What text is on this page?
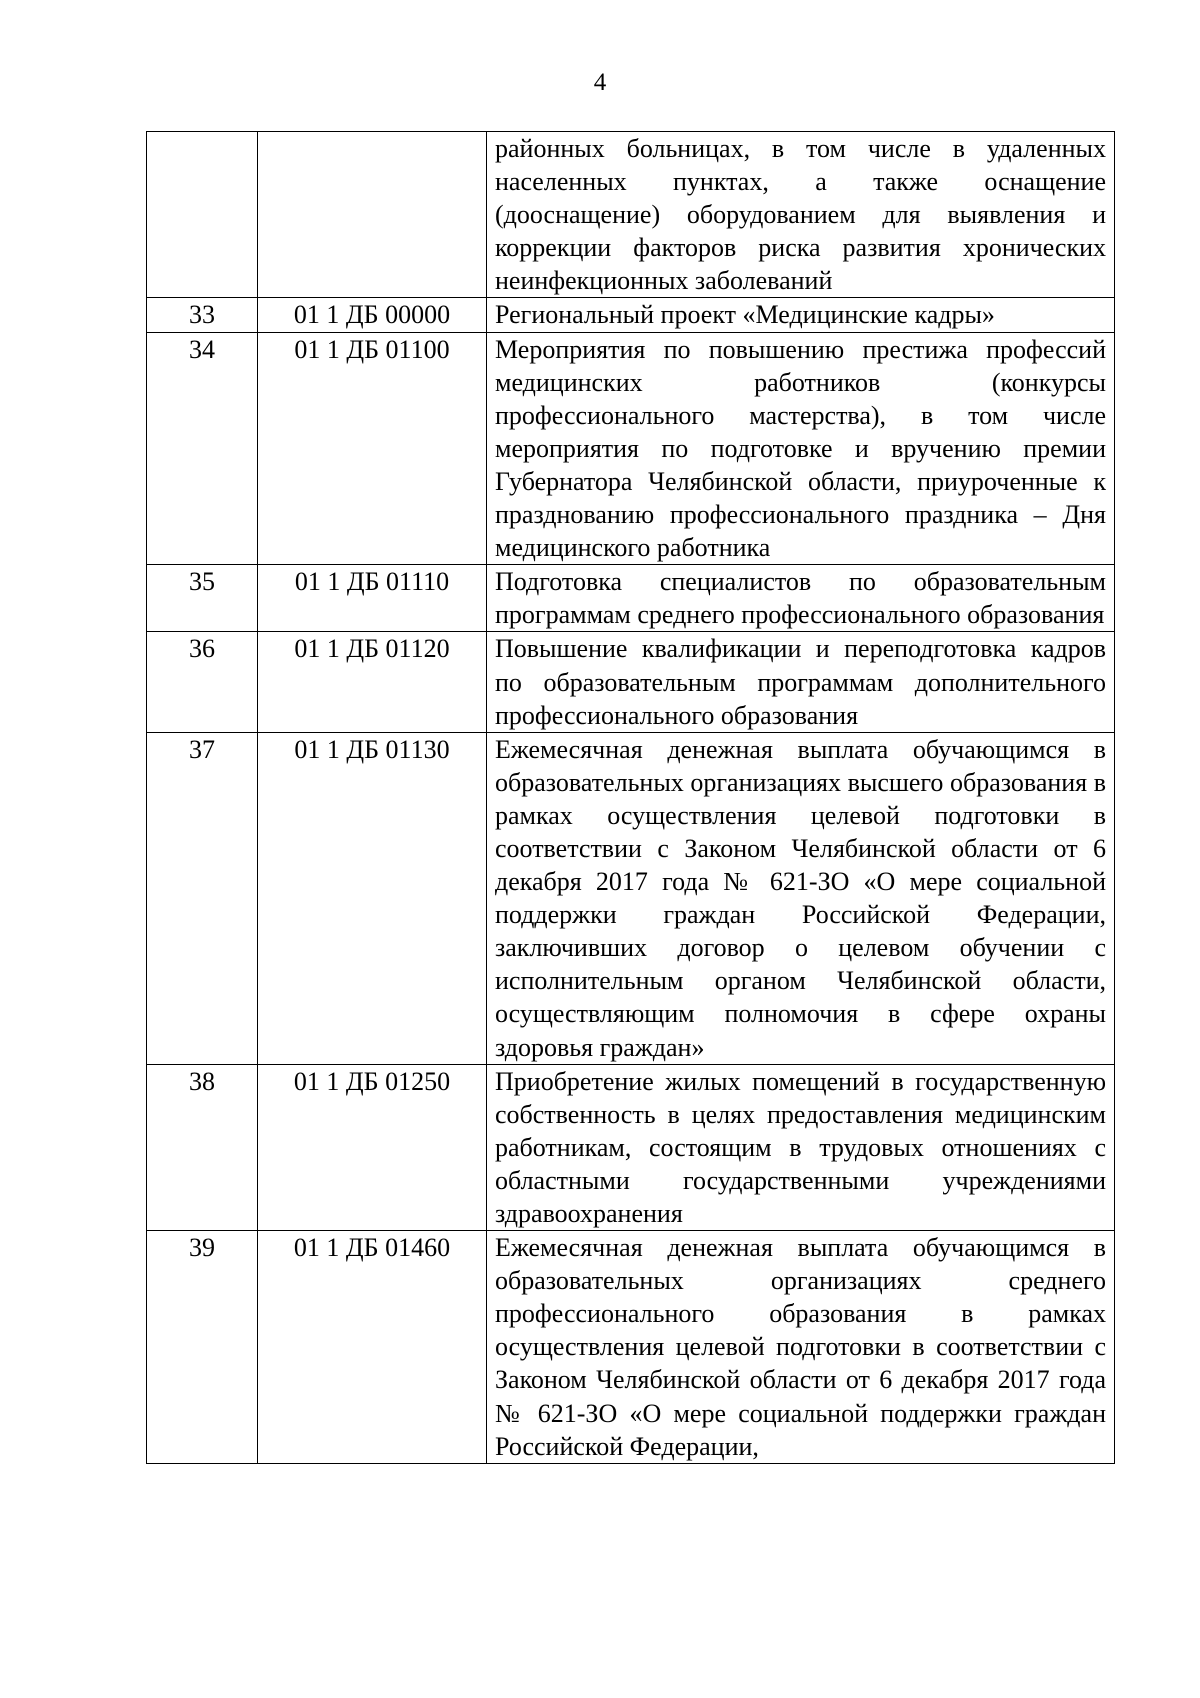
4
		районных больницах, в том числе в удаленных населенных пунктах, а также оснащение (дооснащение) оборудованием для выявления и коррекции факторов риска развития хронических неинфекционных заболеваний
33	01 1 ДБ 00000	Региональный проект «Медицинские кадры»
34	01 1 ДБ 01100	Мероприятия по повышению престижа профессий медицинских работников (конкурсы профессионального мастерства), в том числе мероприятия по подготовке и вручению премии Губернатора Челябинской области, приуроченные к празднованию профессионального праздника – Дня медицинского работника
35	01 1 ДБ 01110	Подготовка специалистов по образовательным программам среднего профессионального образования
36	01 1 ДБ 01120	Повышение квалификации и переподготовка кадров по образовательным программам дополнительного профессионального образования
37	01 1 ДБ 01130	Ежемесячная денежная выплата обучающимся в образовательных организациях высшего образования в рамках осуществления целевой подготовки в соответствии с Законом Челябинской области от 6 декабря 2017 года № 621-ЗО «О мере социальной поддержки граждан Российской Федерации, заключивших договор о целевом обучении с исполнительным органом Челябинской области, осуществляющим полномочия в сфере охраны здоровья граждан»
38	01 1 ДБ 01250	Приобретение жилых помещений в государственную собственность в целях предоставления медицинским работникам, состоящим в трудовых отношениях с областными государственными учреждениями здравоохранения
39	01 1 ДБ 01460	Ежемесячная денежная выплата обучающимся в образовательных организациях среднего профессионального образования в рамках осуществления целевой подготовки в соответствии с Законом Челябинской области от 6 декабря 2017 года № 621-ЗО «О мере социальной поддержки граждан Российской Федерации,
